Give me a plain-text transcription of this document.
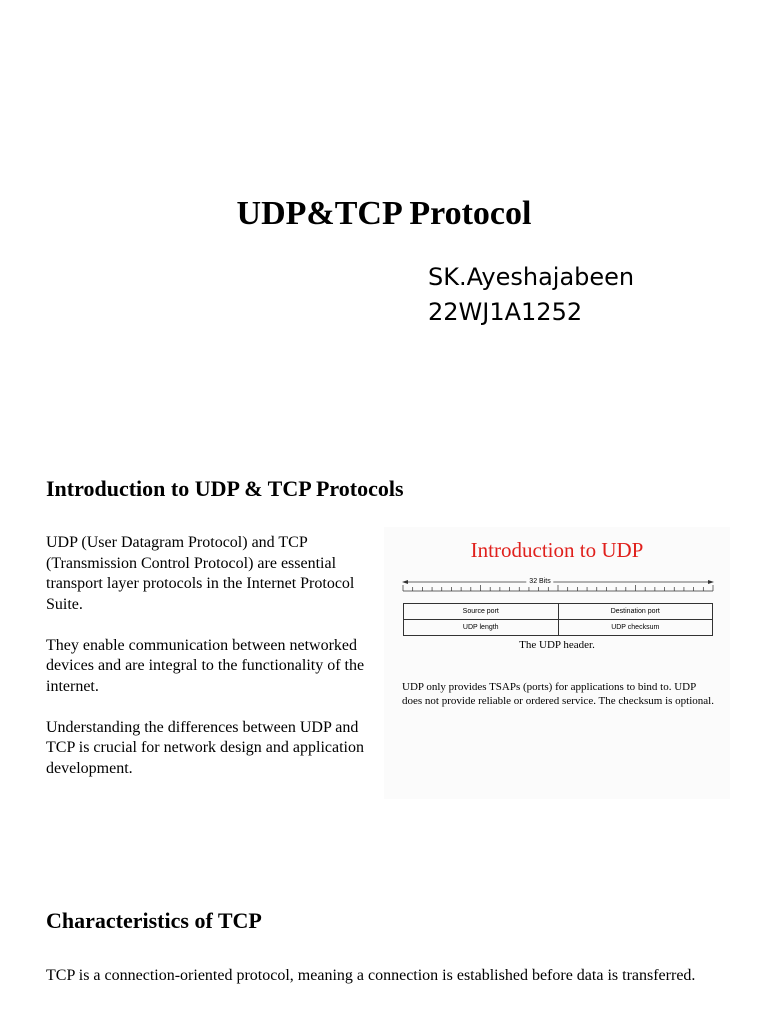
UDP&TCP Protocol
SK.Ayeshajabeen
22WJ1A1252
Introduction to UDP & TCP Protocols

UDP (User Datagram Protocol) and TCP (Transmission Control Protocol) are essential transport layer protocols in the Internet Protocol Suite.

They enable communication between networked devices and are integral to the functionality of the internet.

Understanding the differences between UDP and TCP is crucial for network design and application development.

Introduction to UDP
32 Bits
Source port	Destination port
UDP length	UDP checksum
The UDP header.
UDP only provides TSAPs (ports) for applications to bind to. UDP does not provide reliable or ordered service. The checksum is optional.
Characteristics of TCP

TCP is a connection-oriented protocol, meaning a connection is established before data is transferred.
